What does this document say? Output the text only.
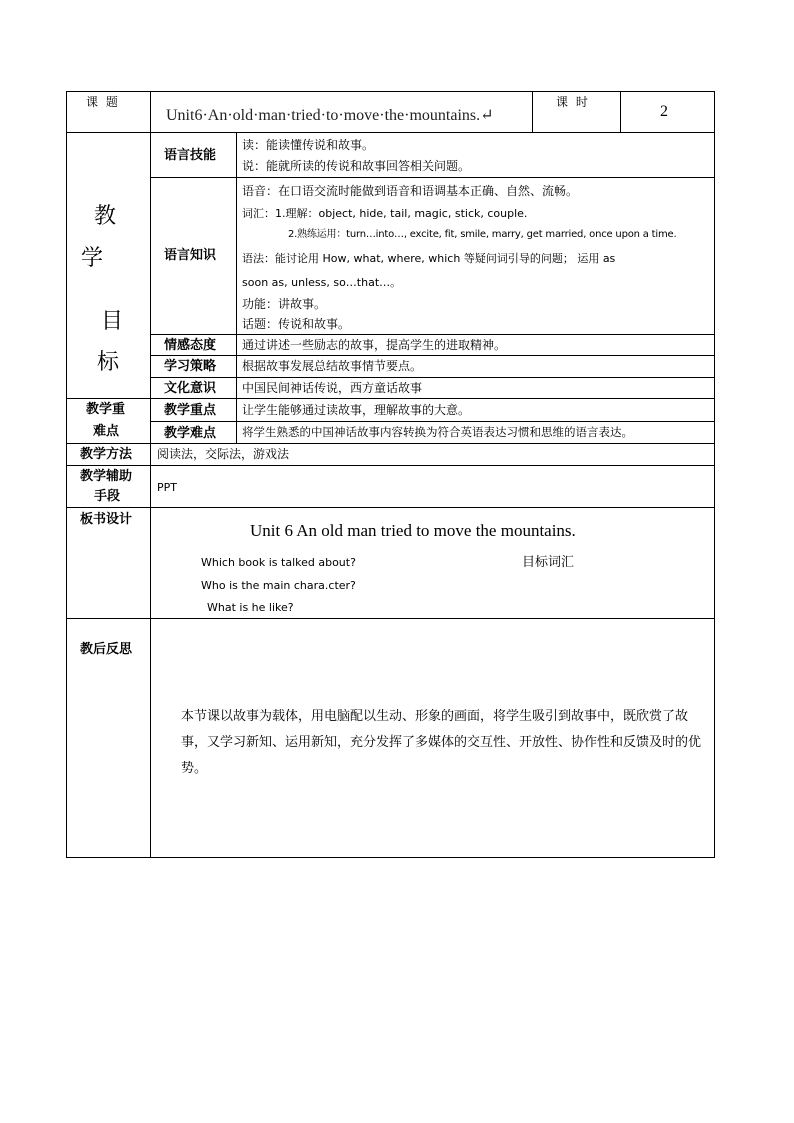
课 题
Unit6·An·old·man·tried·to·move·the·mountains.↵
课 时
2
教
学
目
标
语言技能
读：能读懂传说和故事。
说：能就所读的传说和故事回答相关问题。
语言知识
语音：在口语交流时能做到语音和语调基本正确、自然、流畅。
词汇：1.理解：object, hide, tail, magic, stick, couple.
2.熟练运用：turn…into…, excite, fit, smile, marry, get married, once upon a time.
语法：能讨论用 How, what, where, which 等疑问词引导的问题； 运用 as
soon as, unless, so…that…。
功能：讲故事。
话题：传说和故事。
情感态度 通过讲述一些励志的故事，提高学生的进取精神。
学习策略 根据故事发展总结故事情节要点。
文化意识 中国民间神话传说，西方童话故事
教学重
难点
教学重点 让学生能够通过读故事，理解故事的大意。
教学难点 将学生熟悉的中国神话故事内容转换为符合英语表达习惯和思维的语言表达。
教学方法 阅读法，交际法，游戏法
教学辅助
手段
PPT
板书设计
Unit 6 An old man tried to move the mountains.
Which book is talked about?
Who is the main chara.cter?
What is he like?
目标词汇
教后反思
本节课以故事为载体，用电脑配以生动、形象的画面，将学生吸引到故事中，既欣赏了故事，又学习新知、运用新知，充分发挥了多媒体的交互性、开放性、协作性和反馈及时的优势。
